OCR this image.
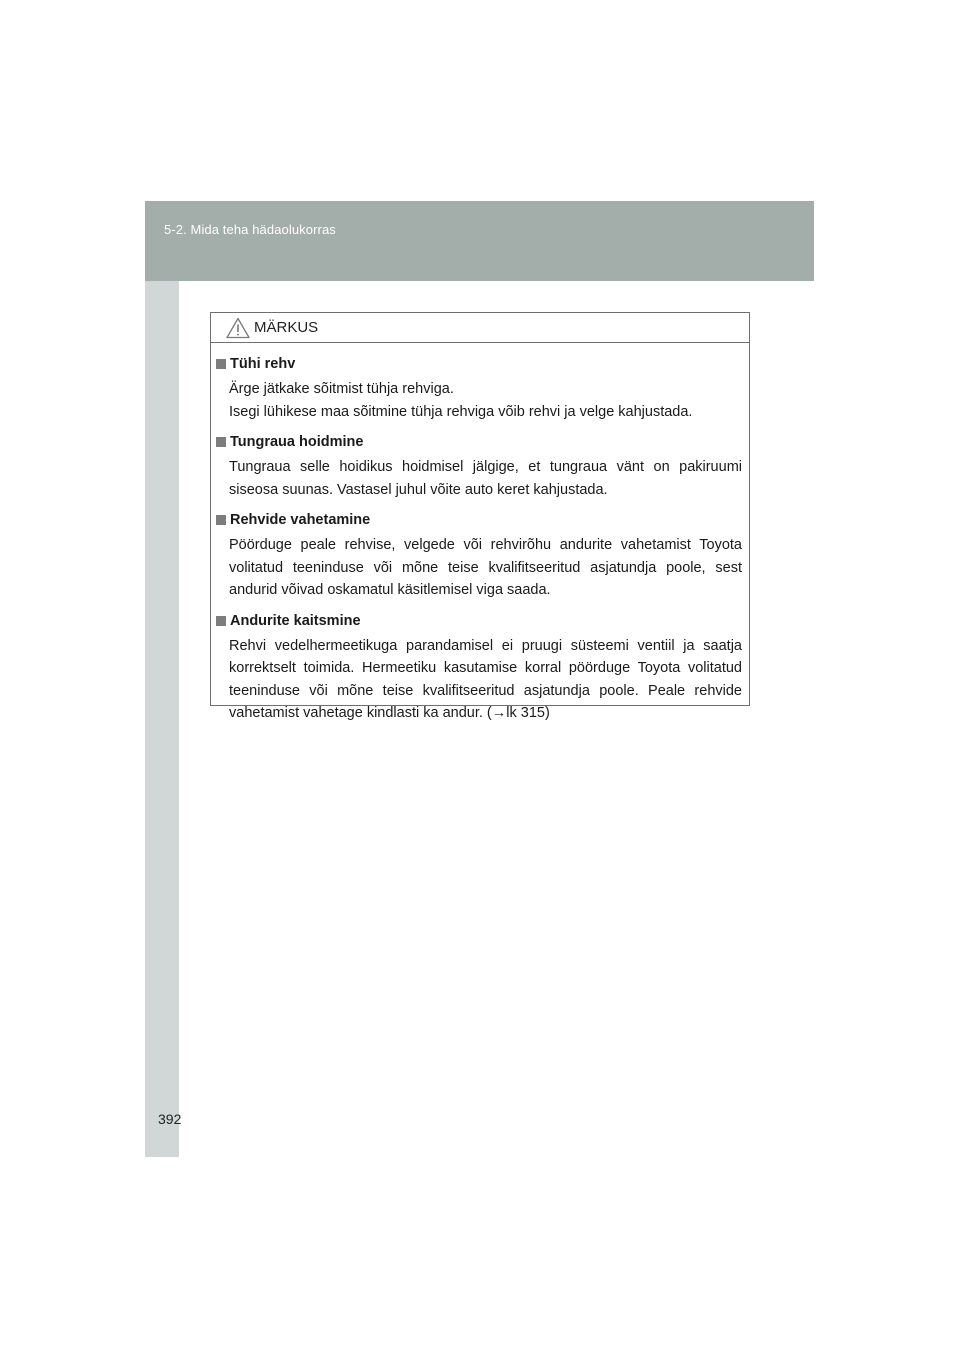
5-2. Mida teha hädaolukorras
MÄRKUS
Tühi rehv
Ärge jätkake sõitmist tühja rehviga.
Isegi lühikese maa sõitmine tühja rehviga võib rehvi ja velge kahjustada.
Tungraua hoidmine
Tungraua selle hoidikus hoidmisel jälgige, et tungraua vänt on pakiruumi siseosa suunas. Vastasel juhul võite auto keret kahjustada.
Rehvide vahetamine
Pöörduge peale rehvise, velgede või rehvirõhu andurite vahetamist Toyota volitatud teeninduse või mõne teise kvalifitseeritud asjatundja poole, sest andurid võivad oskamatul käsitlemisel viga saada.
Andurite kaitsmine
Rehvi vedelhermeetikuga parandamisel ei pruugi süsteemi ventiil ja saatja korrektselt toimida. Hermeetiku kasutamise korral pöörduge Toyota volitatud teeninduse või mõne teise kvalifitseeritud asjatundja poole. Peale rehvide vahetamist vahetage kindlasti ka andur. (→lk 315)
392
